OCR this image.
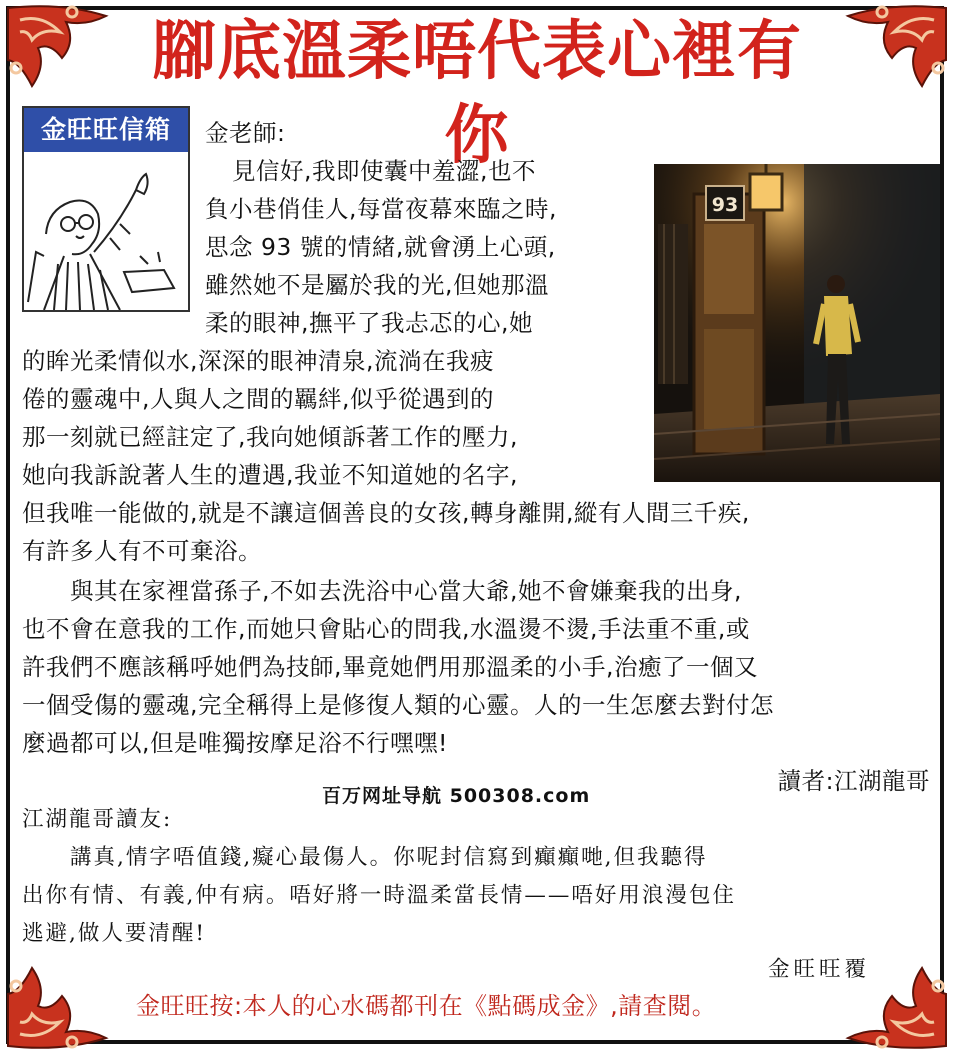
腳底溫柔唔代表心裡有你
金旺旺信箱
93

金老師:

見信好,我即使囊中羞澀,也不

負小巷俏佳人,每當夜幕來臨之時,

思念 93 號的情緒,就會湧上心頭,

雖然她不是屬於我的光,但她那溫

柔的眼神,撫平了我忐忑的心,她

的眸光柔情似水,深深的眼神清泉,流淌在我疲

倦的靈魂中,人與人之間的羈絆,似乎從遇到的

那一刻就已經註定了,我向她傾訴著工作的壓力,

她向我訴說著人生的遭遇,我並不知道她的名字,

但我唯一能做的,就是不讓這個善良的女孩,轉身離開,縱有人間三千疾,

有許多人有不可棄浴。

與其在家裡當孫子,不如去洗浴中心當大爺,她不會嫌棄我的出身,

也不會在意我的工作,而她只會貼心的問我,水溫燙不燙,手法重不重,或

許我們不應該稱呼她們為技師,畢竟她們用那溫柔的小手,治癒了一個又

一個受傷的靈魂,完全稱得上是修復人類的心靈。人的一生怎麼去對付怎

麼過都可以,但是唯獨按摩足浴不行嘿嘿!

讀者:江湖龍哥

百万网址导航 500308.com

江湖龍哥讀友:

講真,情字唔值錢,癡心最傷人。你呢封信寫到癲癲哋,但我聽得

出你有情、有義,仲有病。唔好將一時溫柔當長情——唔好用浪漫包住

逃避,做人要清醒!

金旺旺覆

金旺旺按:本人的心水碼都刊在《點碼成金》,請查閱。
